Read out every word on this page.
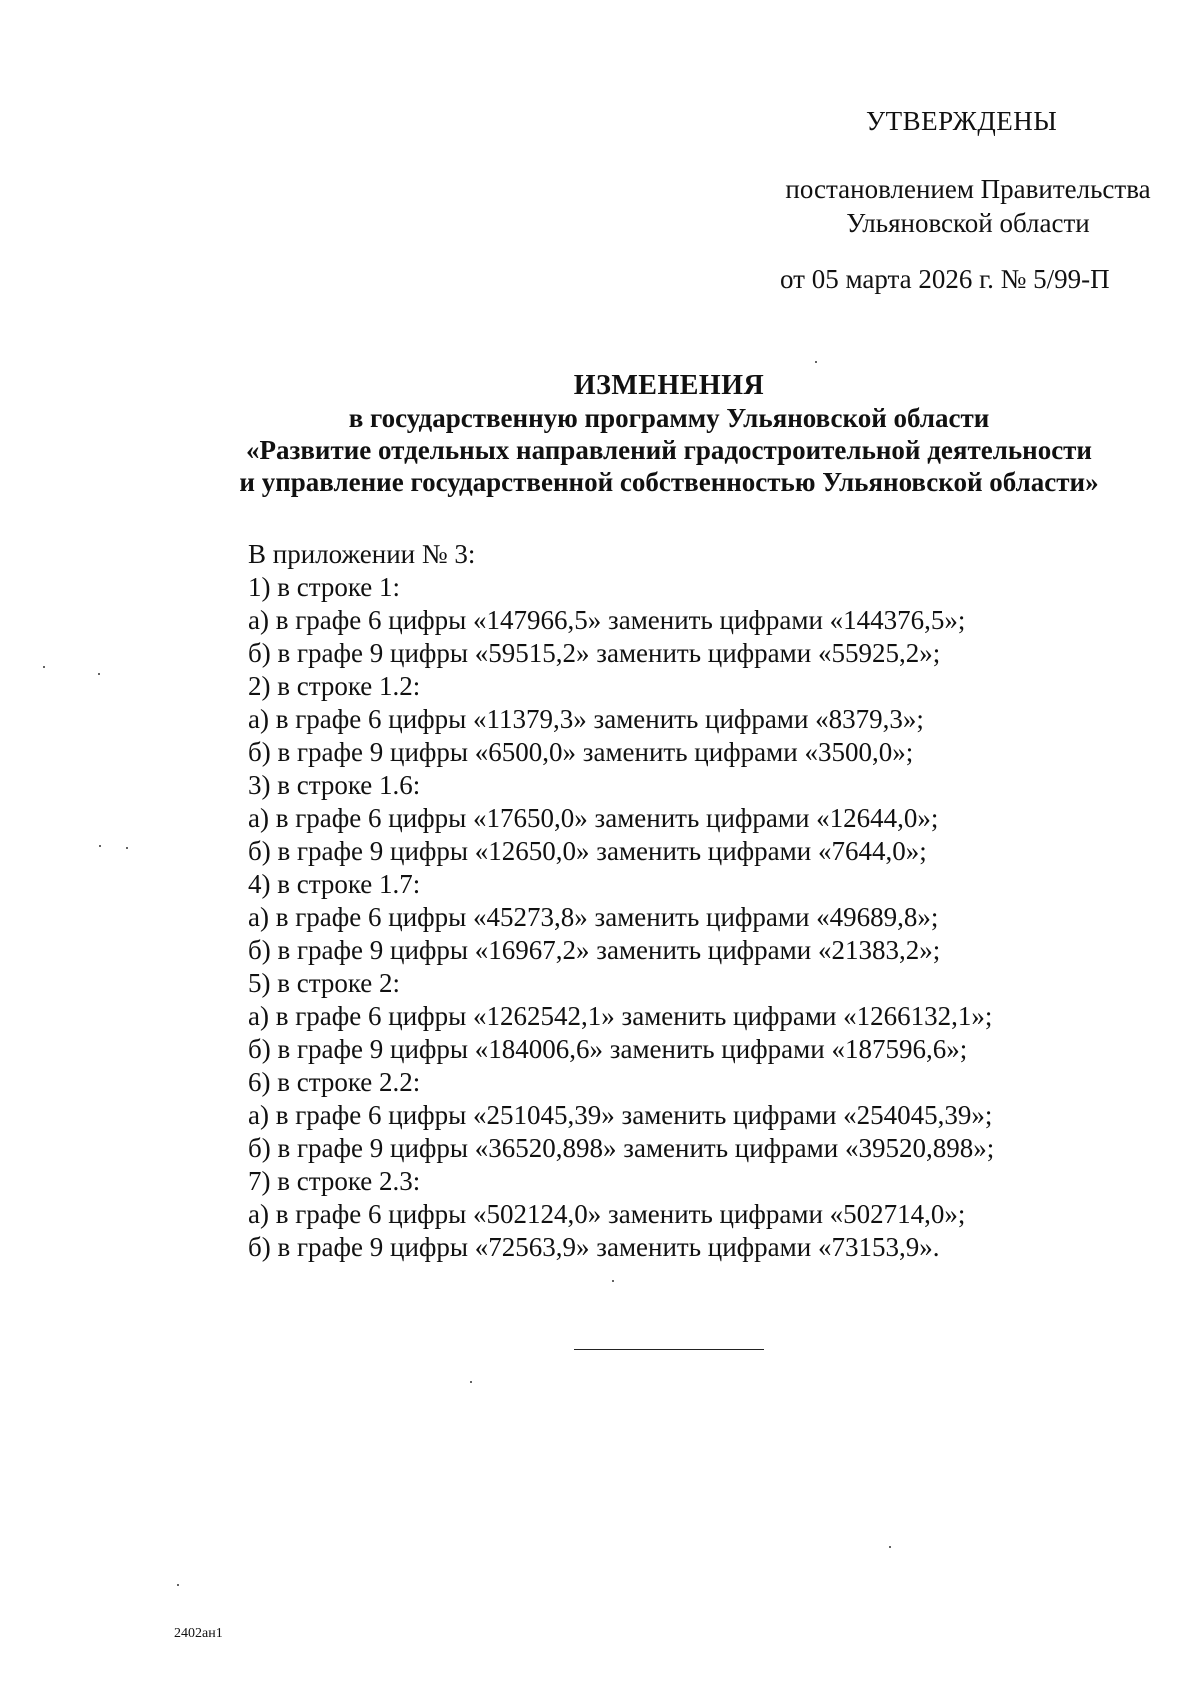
УТВЕРЖДЕНЫ
постановлением Правительства
Ульяновской области
от 05 марта 2026 г. № 5/99-П
ИЗМЕНЕНИЯ
в государственную программу Ульяновской области
«Развитие отдельных направлений градостроительной деятельности
и управление государственной собственностью Ульяновской области»
В приложении № 3:
1) в строке 1:
а) в графе 6 цифры «147966,5» заменить цифрами «144376,5»;
б) в графе 9 цифры «59515,2» заменить цифрами «55925,2»;
2) в строке 1.2:
а) в графе 6 цифры «11379,3» заменить цифрами «8379,3»;
б) в графе 9 цифры «6500,0» заменить цифрами «3500,0»;
3) в строке 1.6:
а) в графе 6 цифры «17650,0» заменить цифрами «12644,0»;
б) в графе 9 цифры «12650,0» заменить цифрами «7644,0»;
4) в строке 1.7:
а) в графе 6 цифры «45273,8» заменить цифрами «49689,8»;
б) в графе 9 цифры «16967,2» заменить цифрами «21383,2»;
5) в строке 2:
а) в графе 6 цифры «1262542,1» заменить цифрами «1266132,1»;
б) в графе 9 цифры «184006,6» заменить цифрами «187596,6»;
6) в строке 2.2:
а) в графе 6 цифры «251045,39» заменить цифрами «254045,39»;
б) в графе 9 цифры «36520,898» заменить цифрами «39520,898»;
7) в строке 2.3:
а) в графе 6 цифры «502124,0» заменить цифрами «502714,0»;
б) в графе 9 цифры «72563,9» заменить цифрами «73153,9».
2402ан1
